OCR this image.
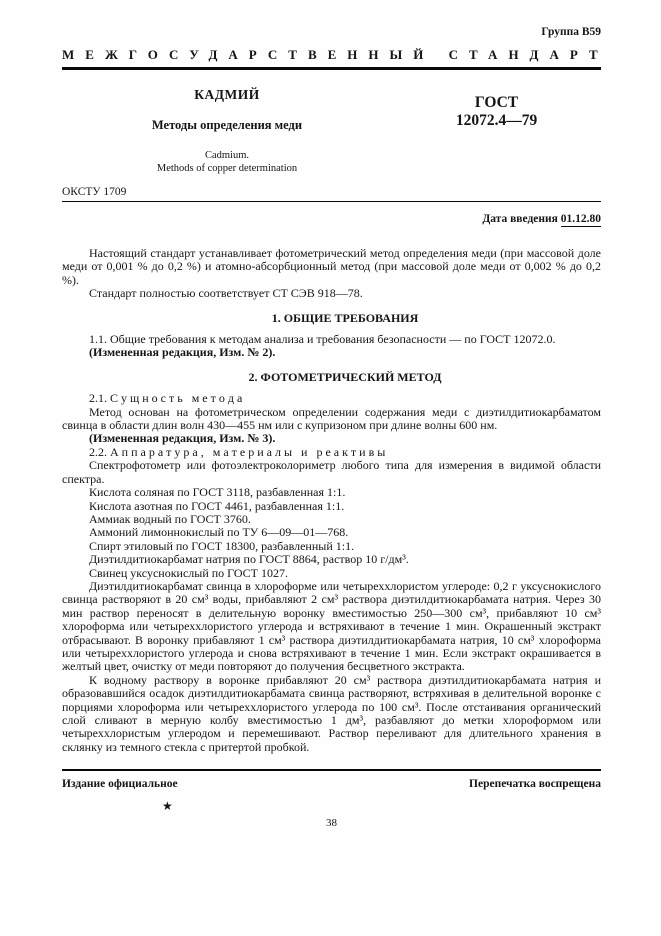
Группа В59
МЕЖГОСУДАРСТВЕННЫЙ СТАНДАРТ
КАДМИЙ
Методы определения меди
Cadmium.
Methods of copper determination
ГОСТ
12072.4—79
ОКСТУ 1709
Дата введения 01.12.80

Настоящий стандарт устанавливает фотометрический метод определения меди (при массовой доле меди от 0,001 % до 0,2 %) и атомно-абсорбционный метод (при массовой доле меди от 0,002 % до 0,2 %).

Стандарт полностью соответствует СТ СЭВ 918—78.

1. ОБЩИЕ ТРЕБОВАНИЯ

1.1. Общие требования к методам анализа и требования безопасности — по ГОСТ 12072.0.

(Измененная редакция, Изм. № 2).

2. ФОТОМЕТРИЧЕСКИЙ МЕТОД

2.1. С у щ н о с т ь  м е т о д а

Метод основан на фотометрическом определении содержания меди с диэтилдитиокарбаматом свинца в области длин волн 430—455 нм или с купризоном при длине волны 600 нм.

(Измененная редакция, Изм. № 3).

2.2. А п п а р а т у р а ,  м а т е р и а л ы  и  р е а к т и в ы

Спектрофотометр или фотоэлектроколориметр любого типа для измерения в видимой области спектра.

Кислота соляная по ГОСТ 3118, разбавленная 1:1.

Кислота азотная по ГОСТ 4461, разбавленная 1:1.

Аммиак водный по ГОСТ 3760.

Аммоний лимоннокислый по ТУ 6—09—01—768.

Спирт этиловый по ГОСТ 18300, разбавленный 1:1.

Диэтилдитиокарбамат натрия по ГОСТ 8864, раствор 10 г/дм³.

Свинец уксуснокислый по ГОСТ 1027.

Диэтилдитиокарбамат свинца в хлороформе или четыреххлористом углероде: 0,2 г уксуснокислого свинца растворяют в 20 см³ воды, прибавляют 2 см³ раствора диэтилдитиокарбамата натрия. Через 30 мин раствор переносят в делительную воронку вместимостью 250—300 см³, прибавляют 10 см³ хлороформа или четыреххлористого углерода и встряхивают в течение 1 мин. Окрашенный экстракт отбрасывают. В воронку прибавляют 1 см³ раствора диэтилдитиокарбамата натрия, 10 см³ хлороформа или четыреххлористого углерода и снова встряхивают в течение 1 мин. Если экстракт окрашивается в желтый цвет, очистку от меди повторяют до получения бесцветного экстракта.

К водному раствору в воронке прибавляют 20 см³ раствора диэтилдитиокарбамата натрия и образовавшийся осадок диэтилдитиокарбамата свинца растворяют, встряхивая в делительной воронке с порциями хлороформа или четыреххлористого углерода по 100 см³. После отстаивания органический слой сливают в мерную колбу вместимостью 1 дм³, разбавляют до метки хлороформом или четыреххлористым углеродом и перемешивают. Раствор переливают для длительного хранения в склянку из темного стекла с притертой пробкой.

Издание официальное	Перепечатка воспрещена
★
38
